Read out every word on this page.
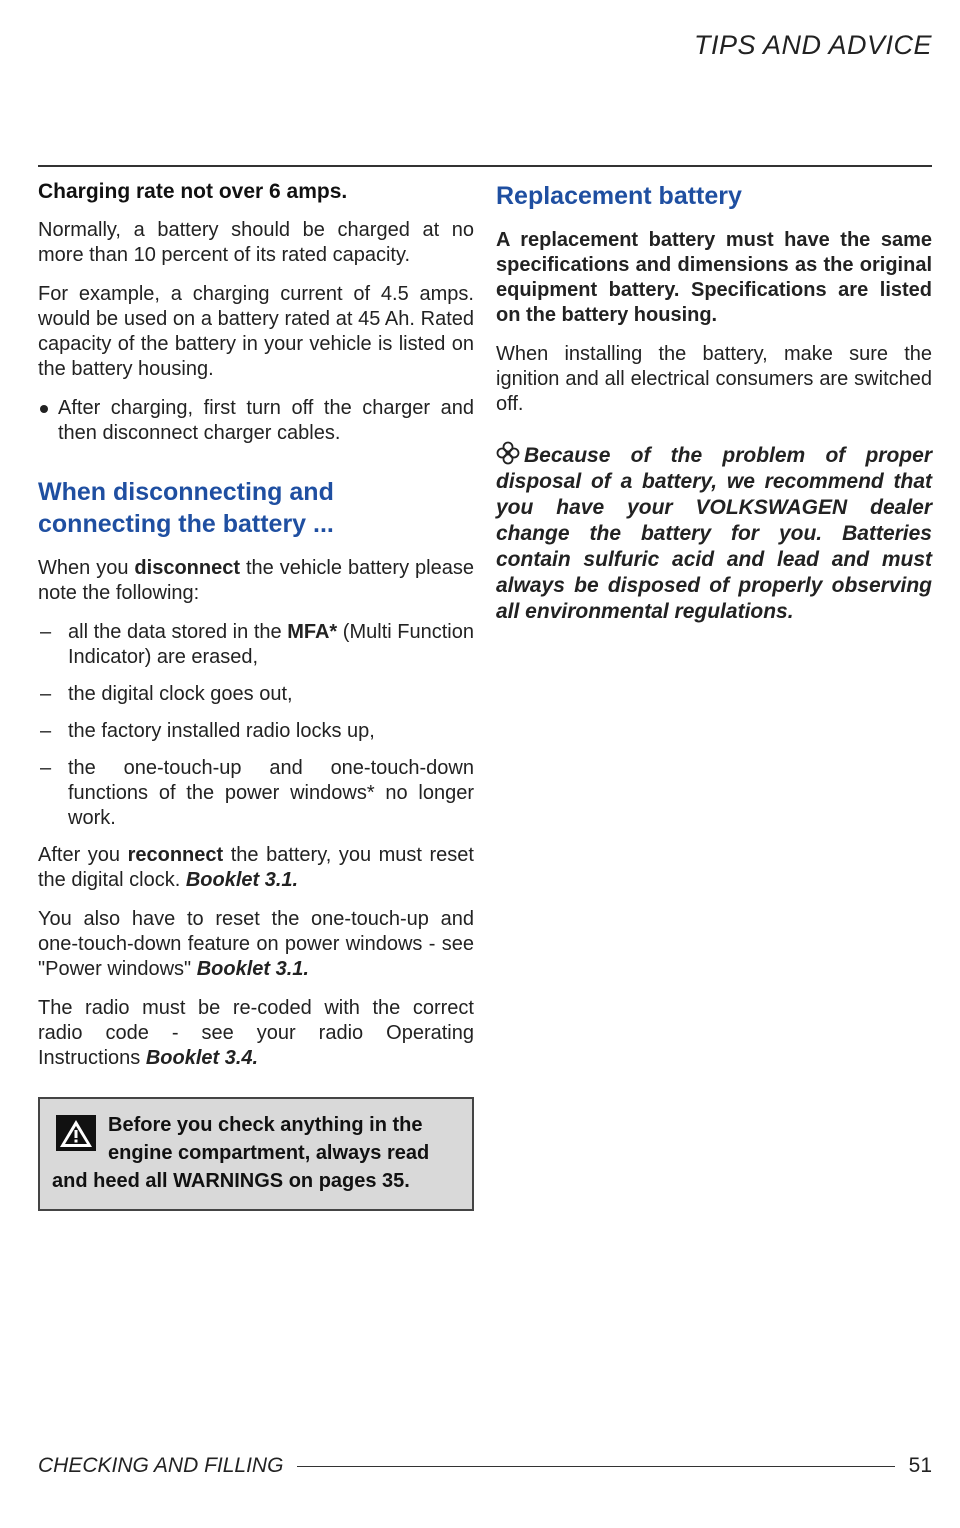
TIPS AND ADVICE
Charging rate not over 6 amps.

Normally, a battery should be charged at no more than 10 percent of its rated capacity.

For example, a charging current of 4.5 amps. would be used on a battery rated at 45 Ah. Rated capacity of the battery in your vehicle is listed on the battery housing.

After charging, first turn off the charger and then disconnect charger cables.

When disconnecting and connecting the battery ...

When you disconnect the vehicle battery please note the following:

– all the data stored in the MFA* (Multi Function Indicator) are erased,

– the digital clock goes out,

– the factory installed radio locks up,

– the one-touch-up and one-touch-down functions of the power windows* no longer work.

After you reconnect the battery, you must reset the digital clock. Booklet 3.1.

You also have to reset the one-touch-up and one-touch-down feature on power windows - see "Power windows" Booklet 3.1.

The radio must be re-coded with the correct radio code - see your radio Operating Instructions Booklet 3.4.

Before you check anything in the engine compartment, always read and heed all WARNINGS on pages 35.
Replacement battery

A replacement battery must have the same specifications and dimensions as the original equipment battery. Specifications are listed on the battery housing.

When installing the battery, make sure the ignition and all electrical consumers are switched off.

Because of the problem of proper disposal of a battery, we recommend that you have your VOLKSWAGEN dealer change the battery for you. Batteries contain sulfuric acid and lead and must always be disposed of properly observing all environmental regulations.
CHECKING AND FILLING	51
